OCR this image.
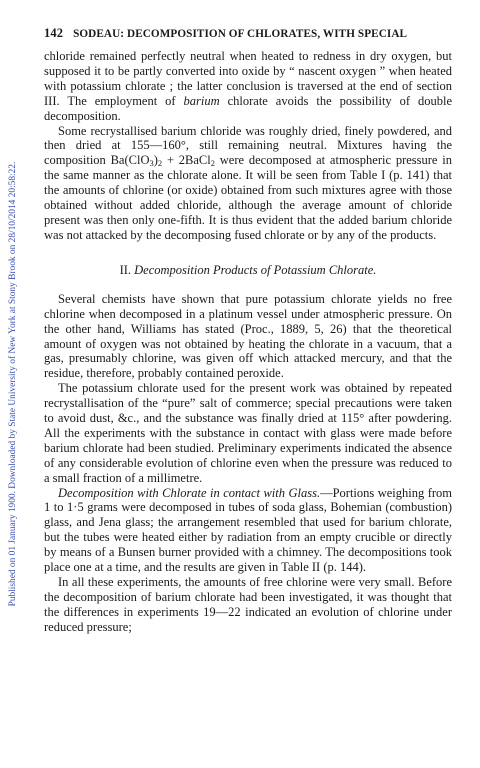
Published on 01 January 1900. Downloaded by State University of New York at Stony Brook on 28/10/2014 20:58:22.
142 SODEAU: DECOMPOSITION OF CHLORATES, WITH SPECIAL

chloride remained perfectly neutral when heated to redness in dry oxygen, but supposed it to be partly converted into oxide by “ nascent oxygen ” when heated with potassium chlorate ; the latter conclusion is traversed at the end of section III. The employment of barium chlorate avoids the possibility of double decomposition.

Some recrystallised barium chloride was roughly dried, finely powdered, and then dried at 155—160°, still remaining neutral. Mixtures having the composition $Ba(ClO_3)_2$ + 2BaCl$_2$ were decomposed at atmospheric pressure in the same manner as the chlorate alone. It will be seen from Table I (p. 141) that the amounts of chlorine (or oxide) obtained from such mixtures agree with those obtained without added chloride, although the average amount of chloride present was then only one-fifth. It is thus evident that the added barium chloride was not attacked by the decomposing fused chlorate or by any of the products.

II. Decomposition Products of Potassium Chlorate.

Several chemists have shown that pure potassium chlorate yields no free chlorine when decomposed in a platinum vessel under atmospheric pressure. On the other hand, Williams has stated (Proc., 1889, 5, 26) that the theoretical amount of oxygen was not obtained by heating the chlorate in a vacuum, that a gas, presumably chlorine, was given off which attacked mercury, and that the residue, therefore, probably contained peroxide.

The potassium chlorate used for the present work was obtained by repeated recrystallisation of the “pure” salt of commerce; special precautions were taken to avoid dust, &c., and the substance was finally dried at 115° after powdering. All the experiments with the substance in contact with glass were made before barium chlorate had been studied. Preliminary experiments indicated the absence of any considerable evolution of chlorine even when the pressure was reduced to a small fraction of a millimetre.

Decomposition with Chlorate in contact with Glass.—Portions weighing from 1 to 1·5 grams were decomposed in tubes of soda glass, Bohemian (combustion) glass, and Jena glass; the arrangement resembled that used for barium chlorate, but the tubes were heated either by radiation from an empty crucible or directly by means of a Bunsen burner provided with a chimney. The decompositions took place one at a time, and the results are given in Table II (p. 144).

In all these experiments, the amounts of free chlorine were very small. Before the decomposition of barium chlorate had been investigated, it was thought that the differences in experiments 19—22 indicated an evolution of chlorine under reduced pressure;
